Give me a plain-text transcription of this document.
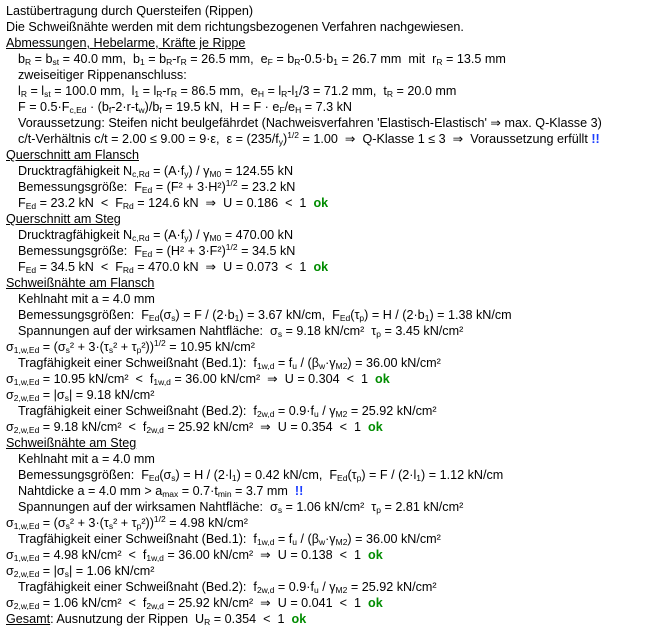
Lastübertragung durch Quersteifen (Rippen)
Die Schweißnähte werden mit dem richtungsbezogenen Verfahren nachgewiesen.
Abmessungen, Hebelarme, Kräfte je Rippe
$b_R = b_{st} = 40.0$ mm,  $b_1 = b_R-r_R = 26.5$ mm,  $e_F = b_R-0.5\cdot b_1 = 26.7$ mm  mit  $r_R = 13.5$ mm
zweiseitiger Rippenanschluss:
$l_R = l_{st} = 100.0$ mm,  $l_1 = l_R-r_R = 86.5$ mm,  $e_H = l_R-l_1/3 = 71.2$ mm,  $t_R = 20.0$ mm
$F = 0.5\cdot F_{c,Ed} \cdot (b_f-2\cdot r-t_w)/b_f = 19.5$ kN,  $H = F \cdot e_F/e_H = 7.3$ kN
Voraussetzung: Steifen nicht beulgefährdet (Nachweisverfahren 'Elastisch-Elastisch' ⇒ max. Q-Klasse 3)
c/t-Verhältnis c/t = 2.00 ≤ 9.00 = 9·ε,  $\varepsilon = (235/f_y)^{1/2} = 1.00$  ⇒  Q-Klasse 1 ≤ 3  ⇒  Voraussetzung erfüllt !!
Querschnitt am Flansch
Drucktragfähigkeit $N_{c,Rd} = (A\cdot f_y) / \gamma_{M0} = 124.55$ kN
Bemessungsgröße:  $F_{Ed} = (F^2 + 3\cdot H^2)^{1/2} = 23.2$ kN
$F_{Ed} = 23.2$ kN  <  $F_{Rd} = 124.6$ kN  ⇒  U = 0.186  <  1  ok
Querschnitt am Steg
Drucktragfähigkeit $N_{c,Rd} = (A\cdot f_y) / \gamma_{M0} = 470.00$ kN
Bemessungsgröße:  $F_{Ed} = (H^2 + 3\cdot F^2)^{1/2} = 34.5$ kN
$F_{Ed} = 34.5$ kN  <  $F_{Rd} = 470.0$ kN  ⇒  U = 0.073  <  1  ok
Schweißnähte am Flansch
Kehlnaht mit a = 4.0 mm
Bemessungsgrößen:  $F_{Ed}(\sigma_s) = F / (2\cdot b_1) = 3.67$ kN/cm,  $F_{Ed}(\tau_p) = H / (2\cdot b_1) = 1.38$ kN/cm
Spannungen auf der wirksamen Nahtfläche:  $\sigma_s = 9.18$ kN/cm²  $\tau_p = 3.45$ kN/cm²
$\sigma_{1,w,Ed} = (\sigma_s^2 + 3\cdot(\tau_s^2 + \tau_p^2))^{1/2} = 10.95$ kN/cm²
Tragfähigkeit einer Schweißnaht (Bed.1):  $f_{1w,d} = f_u / (\beta_w\cdot\gamma_{M2}) = 36.00$ kN/cm²
$\sigma_{1,w,Ed} = 10.95$ $kN/cm^2 < f_{1w,d} = 36.00$ kN/cm²  ⇒  U = 0.304  <  1  ok
$\sigma_{2,w,Ed} = |\sigma_s| = 9.18$ kN/cm²
Tragfähigkeit einer Schweißnaht (Bed.2):  $f_{2w,d} = 0.9\cdot f_u / \gamma_{M2} = 25.92$ kN/cm²
$\sigma_{2,w,Ed} = 9.18$ $kN/cm^2 < f_{2w,d} = 25.92$ kN/cm²  ⇒  U = 0.354  <  1  ok
Schweißnähte am Steg
Kehlnaht mit a = 4.0 mm
Bemessungsgrößen:  $F_{Ed}(\sigma_s) = H / (2\cdot l_1) = 0.42$ kN/cm,  $F_{Ed}(\tau_p) = F / (2\cdot l_1) = 1.12$ kN/cm
Nahtdicke a = 4.0 mm > $a_{max} = 0.7\cdot t_{min} = 3.7$ mm !!
Spannungen auf der wirksamen Nahtfläche:  $\sigma_s = 1.06$ kN/cm²  $\tau_p = 2.81$ kN/cm²
$\sigma_{1,w,Ed} = (\sigma_s^2 + 3\cdot(\tau_s^2 + \tau_p^2))^{1/2} = 4.98$ kN/cm²
Tragfähigkeit einer Schweißnaht (Bed.1):  $f_{1w,d} = f_u / (\beta_w\cdot\gamma_{M2}) = 36.00$ kN/cm²
$\sigma_{1,w,Ed} = 4.98$ $kN/cm^2 < f_{1w,d} = 36.00$ kN/cm²  ⇒  U = 0.138  <  1  ok
$\sigma_{2,w,Ed} = |\sigma_s| = 1.06$ kN/cm²
Tragfähigkeit einer Schweißnaht (Bed.2):  $f_{2w,d} = 0.9\cdot f_u / \gamma_{M2} = 25.92$ kN/cm²
$\sigma_{2,w,Ed} = 1.06$ $kN/cm^2 < f_{2w,d} = 25.92$ kN/cm²  ⇒  U = 0.041  <  1  ok
Gesamt: Ausnutzung der Rippen  $U_R = 0.354 < 1$  ok
